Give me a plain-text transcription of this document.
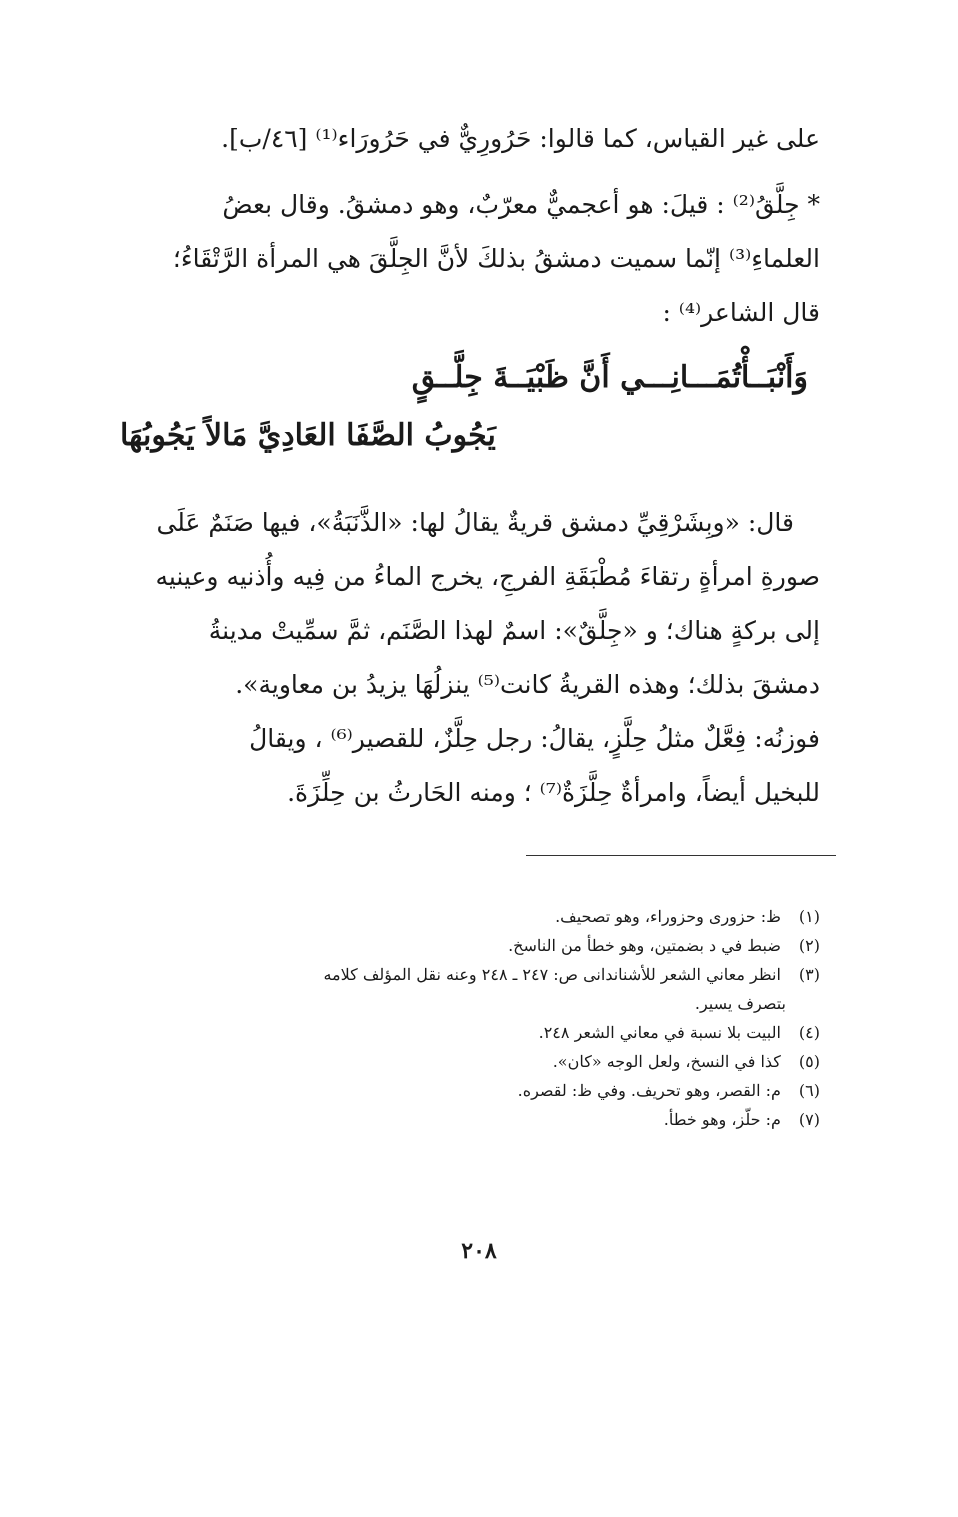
على غير القياس، كما قالوا: حَرُورِيٌّ في حَرُورَاء⁽¹⁾ [٤٦/ب].
* جِلَّقُ⁽²⁾ : قيلَ: هو أعجميٌّ معرّبٌ، وهو دمشقُ. وقال بعضُ
العلماءِ⁽³⁾ إنّما سميت دمشقُ بذلكَ لأنَّ الجِلَّقَ هي المرأة الرَّتْقَاءُ؛
قال الشاعر⁽⁴⁾ :
وَأَنْبَــأْتُمَـــانِـــي أَنَّ ظَبْيَــةَ جِلَّــقٍ
يَجُوبُ الصَّفَا العَادِيَّ مَالاً يَجُوبُهَا
قال: «وبِشَرْقِيِّ دمشق قريةٌ يقالُ لها: «الذَّنَبَةُ»، فيها صَنَمٌ عَلَى
صورةِ امرأةٍ رتقاءَ مُطْبَقَةِ الفرجِ، يخرج الماءُ من فِيه وأُذنيه وعينيه
إلى بركةٍ هناك؛ و «جِلَّقٌ»: اسمٌ لهذا الصَّنَم، ثمَّ سمِّيتْ مدينةُ
دمشقَ بذلك؛ وهذه القريةُ كانت⁽⁵⁾ ينزلُهَا يزيدُ بن معاوية».
فوزنُه: فِعَّلٌ مثلُ حِلَّزٍ، يقالُ: رجل حِلَّزٌ، للقصير⁽⁶⁾ ، ويقالُ
للبخيل أيضاً، وامرأةٌ حِلَّزَةٌ⁽⁷⁾ ؛ ومنه الحَارثُ بن حِلِّزَةَ.
(١) ظ: حزورى وحزوراء، وهو تصحيف.
(٢) ضبط في د بضمتين، وهو خطأ من الناسخ.
(٣) انظر معاني الشعر للأشناندانى ص: ٢٤٧ ـ ٢٤٨ وعنه نقل المؤلف كلامه
بتصرف يسير.
(٤) البيت بلا نسبة في معاني الشعر ٢٤٨.
(٥) كذا في النسخ، ولعل الوجه «كان».
(٦) م: القصر، وهو تحريف. وفي ظ: لقصره.
(٧) م: حلّز، وهو خطأ.
٢٠٨
